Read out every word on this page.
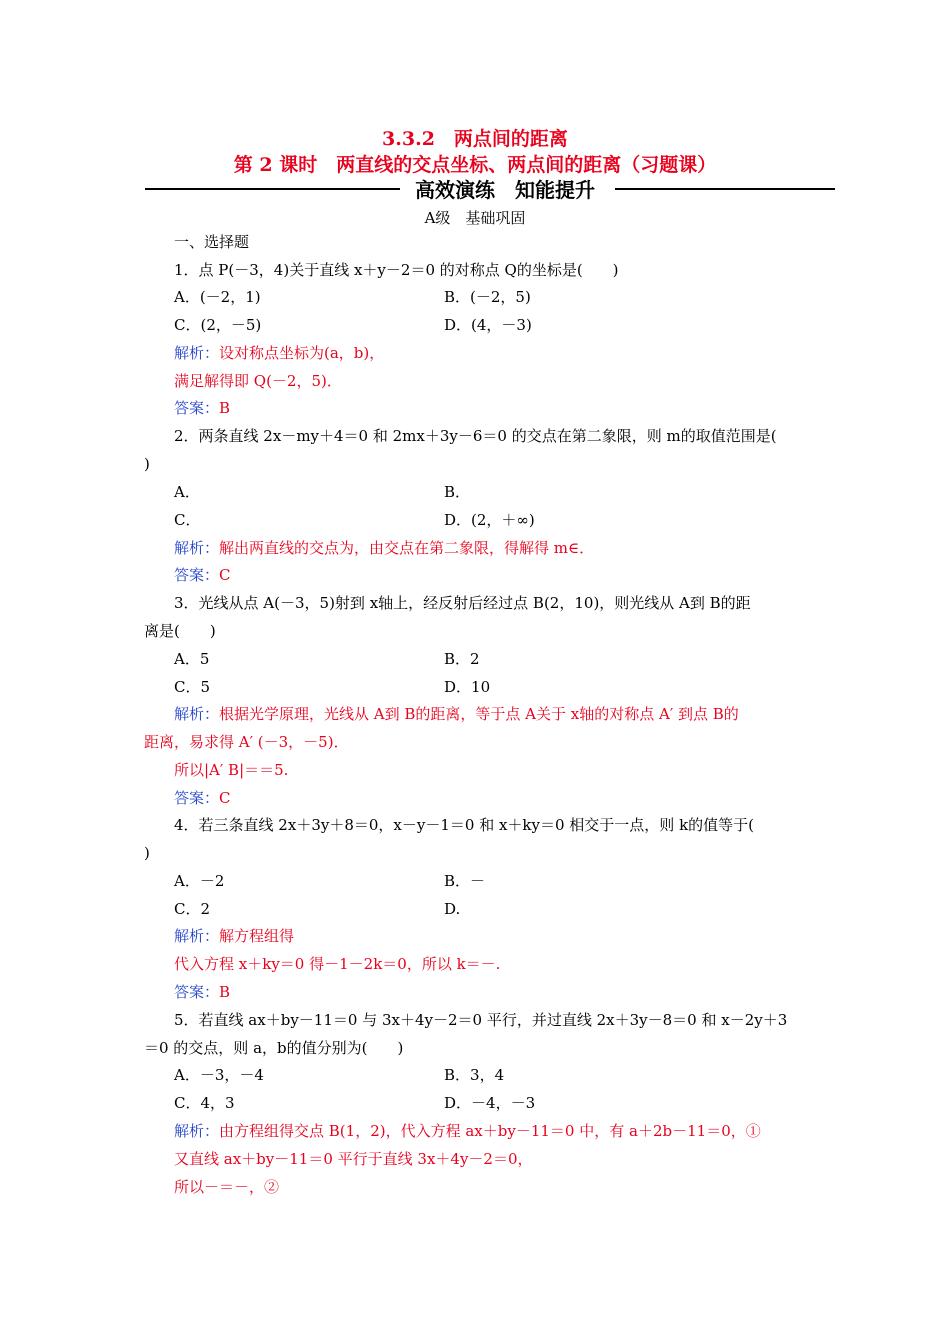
3.3.2　两点间的距离
第 2 课时　两直线的交点坐标、两点间的距离（习题课）
高效演练　知能提升
A级　基础巩固
一、选择题
1．点 P(－3，4)关于直线 x＋y－2＝0 的对称点 Q的坐标是(　　)
A．(－2，1)	B．(－2，5)
C．(2，－5)	D．(4，－3)
解析：设对称点坐标为(a，b)，
满足解得即 Q(－2，5)．
答案：B
2．两条直线 2x－my＋4＝0 和 2mx＋3y－6＝0 的交点在第二象限，则 m的取值范围是(
)
A．	B．
C．	D．(2，＋∞)
解析：解出两直线的交点为，由交点在第二象限，得解得 m∈．
答案：C
3．光线从点 A(－3，5)射到 x轴上，经反射后经过点 B(2，10)，则光线从 A到 B的距
离是(　　)
A．5	B．2
C．5	D．10
解析：根据光学原理，光线从 A到 B的距离，等于点 A关于 x轴的对称点 A′ 到点 B的
距离，易求得 A′ (－3，－5)．
所以|A′ B|＝＝5.
答案：C
4．若三条直线 2x＋3y＋8＝0，x－y－1＝0 和 x＋ky＝0 相交于一点，则 k的值等于(
)
A．－2	B．－
C．2	D.
解析：解方程组得
代入方程 x＋ky＝0 得－1－2k＝0，所以 k＝－.
答案：B
5．若直线 ax＋by－11＝0 与 3x＋4y－2＝0 平行，并过直线 2x＋3y－8＝0 和 x－2y＋3
＝0 的交点，则 a，b的值分别为(　　)
A．－3，－4	B．3，4
C．4，3	D．－4，－3
解析：由方程组得交点 B(1，2)，代入方程 ax＋by－11＝0 中，有 a＋2b－11＝0，①
又直线 ax＋by－11＝0 平行于直线 3x＋4y－2＝0，
所以－＝－，②
